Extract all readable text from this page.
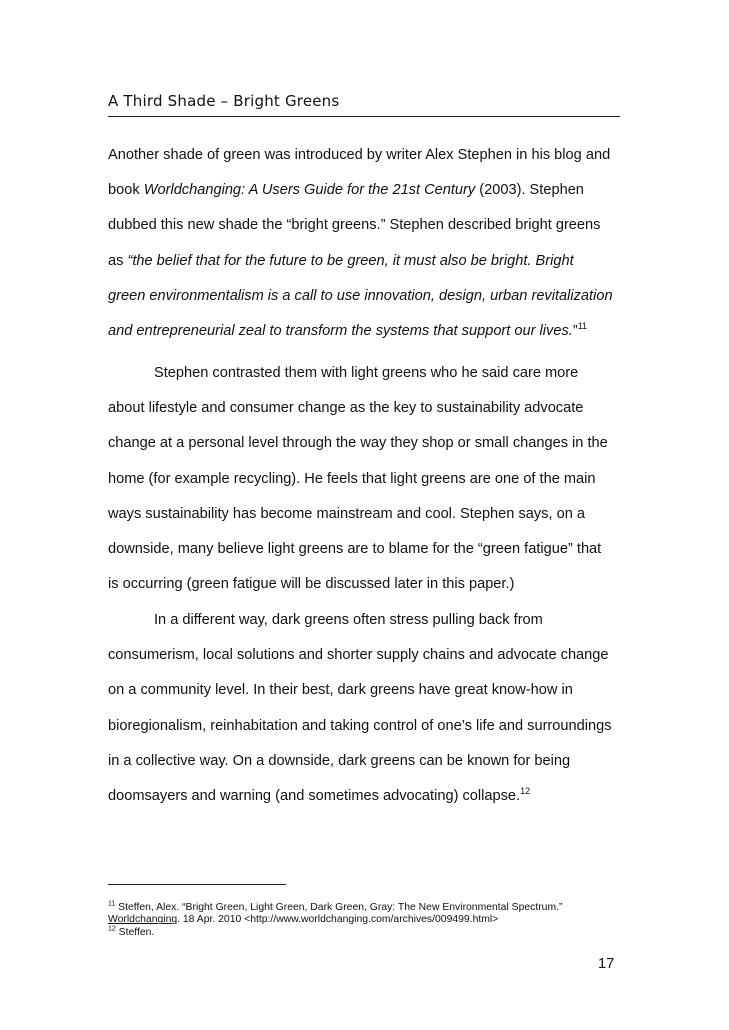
A Third Shade – Bright Greens
Another shade of green was introduced by writer Alex Stephen in his blog and
book Worldchanging: A Users Guide for the 21st Century (2003). Stephen
dubbed this new shade the “bright greens.” Stephen described bright greens
as “the belief that for the future to be green, it must also be bright. Bright
green environmentalism is a call to use innovation, design, urban revitalization
and entrepreneurial zeal to transform the systems that support our lives.”$^{11}$
Stephen contrasted them with light greens who he said care more
about lifestyle and consumer change as the key to sustainability advocate
change at a personal level through the way they shop or small changes in the
home (for example recycling). He feels that light greens are one of the main
ways sustainability has become mainstream and cool. Stephen says, on a
downside, many believe light greens are to blame for the “green fatigue” that
is occurring (green fatigue will be discussed later in this paper.)
In a different way, dark greens often stress pulling back from
consumerism, local solutions and shorter supply chains and advocate change
on a community level. In their best, dark greens have great know-how in
bioregionalism, reinhabitation and taking control of one’s life and surroundings
in a collective way. On a downside, dark greens can be known for being
doomsayers and warning (and sometimes advocating) collapse.$^{12}$
$^{11}$ Steffen, Alex. “Bright Green, Light Green, Dark Green, Gray: The New Environmental Spectrum.”
Worldchanging. 18 Apr. 2010 <http://www.worldchanging.com/archives/009499.html>
$^{12}$ Steffen.
17
